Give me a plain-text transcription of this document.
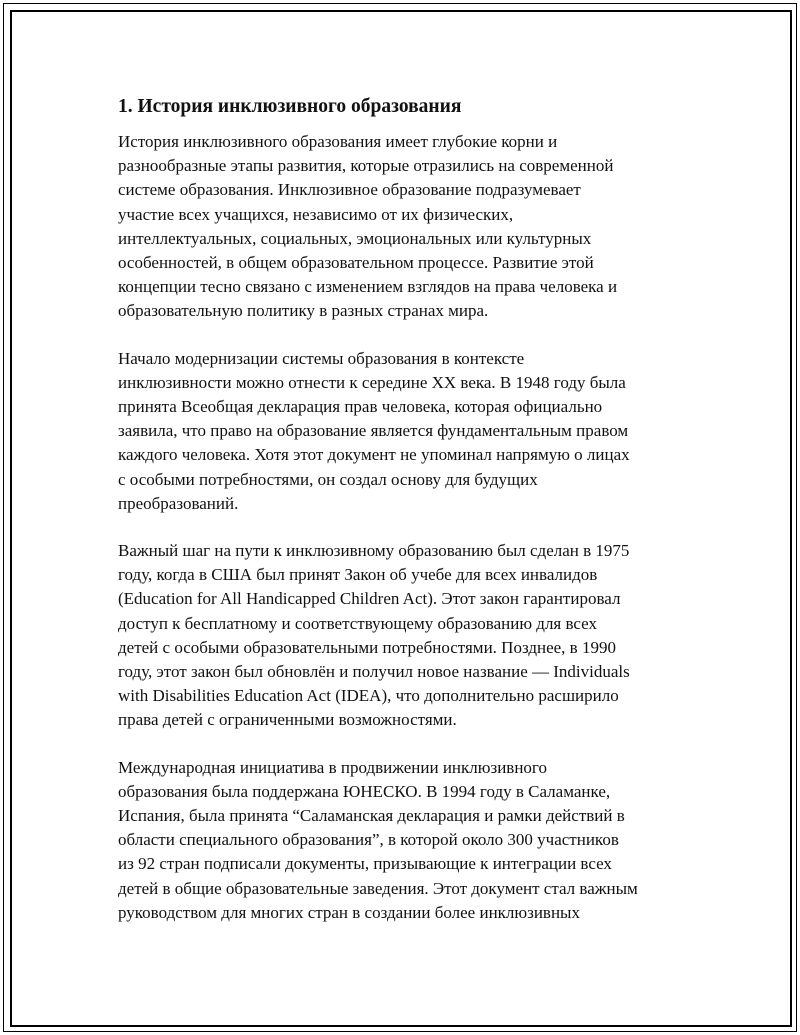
1. История инклюзивного образования

История инклюзивного образования имеет глубокие корни и
разнообразные этапы развития, которые отразились на современной
системе образования. Инклюзивное образование подразумевает
участие всех учащихся, независимо от их физических,
интеллектуальных, социальных, эмоциональных или культурных
особенностей, в общем образовательном процессе. Развитие этой
концепции тесно связано с изменением взглядов на права человека и
образовательную политику в разных странах мира.

Начало модернизации системы образования в контексте
инклюзивности можно отнести к середине XX века. В 1948 году была
принята Всеобщая декларация прав человека, которая официально
заявила, что право на образование является фундаментальным правом
каждого человека. Хотя этот документ не упоминал напрямую о лицах
с особыми потребностями, он создал основу для будущих
преобразований.

Важный шаг на пути к инклюзивному образованию был сделан в 1975
году, когда в США был принят Закон об учебе для всех инвалидов
(Education for All Handicapped Children Act). Этот закон гарантировал
доступ к бесплатному и соответствующему образованию для всех
детей с особыми образовательными потребностями. Позднее, в 1990
году, этот закон был обновлён и получил новое название — Individuals
with Disabilities Education Act (IDEA), что дополнительно расширило
права детей с ограниченными возможностями.

Международная инициатива в продвижении инклюзивного
образования была поддержана ЮНЕСКО. В 1994 году в Саламанке,
Испания, была принята “Саламанская декларация и рамки действий в
области специального образования”, в которой около 300 участников
из 92 стран подписали документы, призывающие к интеграции всех
детей в общие образовательные заведения. Этот документ стал важным
руководством для многих стран в создании более инклюзивных
